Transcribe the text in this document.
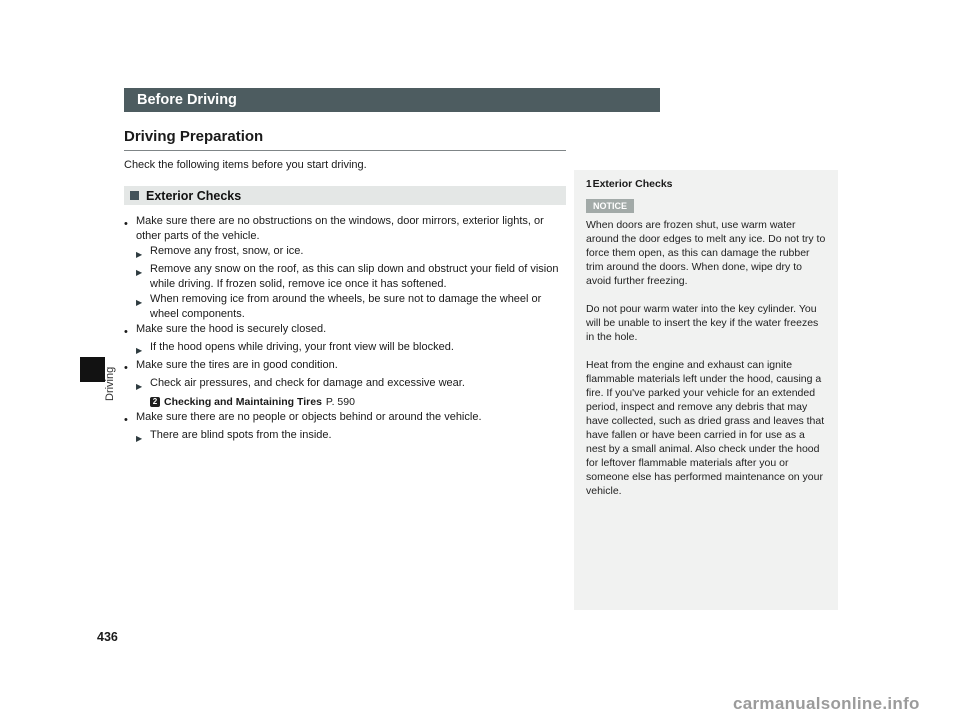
Before Driving
Driving Preparation

Check the following items before you start driving.

Exterior Checks
•

Make sure there are no obstructions on the windows, door mirrors, exterior lights, or other parts of the vehicle.

▶

Remove any frost, snow, or ice.

▶

Remove any snow on the roof, as this can slip down and obstruct your field of vision while driving. If frozen solid, remove ice once it has softened.

▶

When removing ice from around the wheels, be sure not to damage the wheel or wheel components.

•

Make sure the hood is securely closed.

▶

If the hood opens while driving, your front view will be blocked.

•

Make sure the tires are in good condition.

▶

Check air pressures, and check for damage and excessive wear.

2 Checking and Maintaining Tires P. 590
•

Make sure there are no people or objects behind or around the vehicle.

▶

There are blind spots from the inside.

1 Exterior Checks
NOTICE

When doors are frozen shut, use warm water around the door edges to melt any ice. Do not try to force them open, as this can damage the rubber trim around the doors. When done, wipe dry to avoid further freezing.

Do not pour warm water into the key cylinder. You will be unable to insert the key if the water freezes in the hole.

Heat from the engine and exhaust can ignite flammable materials left under the hood, causing a fire. If you've parked your vehicle for an extended period, inspect and remove any debris that may have collected, such as dried grass and leaves that have fallen or have been carried in for use as a nest by a small animal. Also check under the hood for leftover flammable materials after you or someone else has performed maintenance on your vehicle.

Driving
436
carmanualsonline.info
